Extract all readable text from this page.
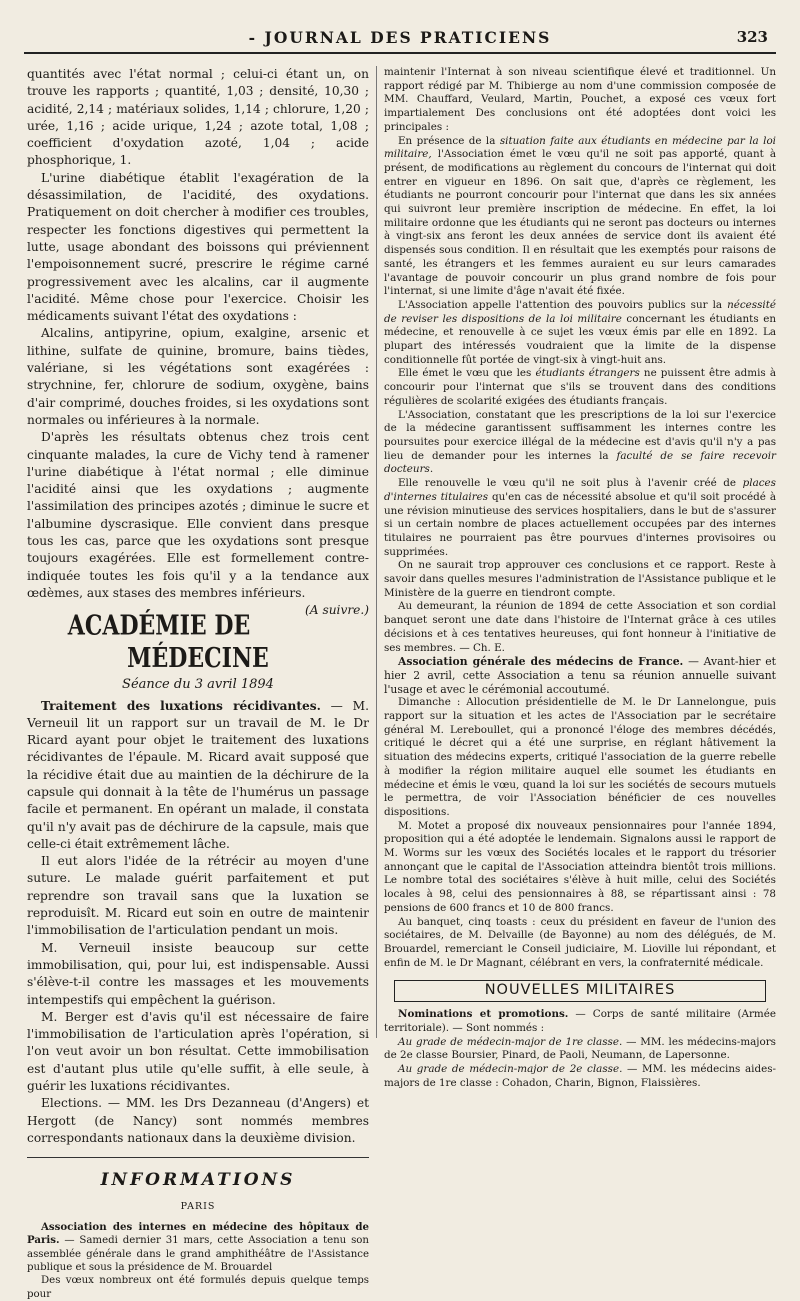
- JOURNAL DES PRATICIENS	323

quantités avec l'état normal ; celui-ci étant un, on trouve les rapports ; quantité, 1,03 ; densité, 10,30 ; acidité, 2,14 ; matériaux solides, 1,14 ; chlorure, 1,20 ; urée, 1,16 ; acide urique, 1,24 ; azote total, 1,08 ; coefficient d'oxydation azoté, 1,04 ; acide phosphorique, 1.

L'urine diabétique établit l'exagération de la désassimilation, de l'acidité, des oxydations. Pratiquement on doit chercher à modifier ces troubles, respecter les fonctions digestives qui permettent la lutte, usage abondant des boissons qui préviennent l'empoisonnement sucré, prescrire le régime carné progressivement avec les alcalins, car il augmente l'acidité. Même chose pour l'exercice. Choisir les médicaments suivant l'état des oxydations :

Alcalins, antipyrine, opium, exalgine, arsenic et lithine, sulfate de quinine, bromure, bains tièdes, valériane, si les végétations sont exagérées : strychnine, fer, chlorure de sodium, oxygène, bains d'air comprimé, douches froides, si les oxydations sont normales ou inférieures à la normale.

D'après les résultats obtenus chez trois cent cinquante malades, la cure de Vichy tend à ramener l'urine diabétique à l'état normal ; elle diminue l'acidité ainsi que les oxydations ; augmente l'assimilation des principes azotés ; diminue le sucre et l'albumine dyscrasique. Elle convient dans presque tous les cas, parce que les oxydations sont presque toujours exagérées. Elle est formellement contre-indiquée toutes les fois qu'il y a la tendance aux œdèmes, aux stases des membres inférieurs.
(A suivre.)

ACADÉMIE DE MÉDECINE
Séance du 3 avril 1894

Traitement des luxations récidivantes. — M. Verneuil lit un rapport sur un travail de M. le Dr Ricard ayant pour objet le traitement des luxations récidivantes de l'épaule. M. Ricard avait supposé que la récidive était due au maintien de la déchirure de la capsule qui donnait à la tête de l'humérus un passage facile et permanent. En opérant un malade, il constata qu'il n'y avait pas de déchirure de la capsule, mais que celle-ci était extrêmement lâche.

Il eut alors l'idée de la rétrécir au moyen d'une suture. Le malade guérit parfaitement et put reprendre son travail sans que la luxation se reproduisît. M. Ricard eut soin en outre de maintenir l'immobilisation de l'articulation pendant un mois.

M. Verneuil insiste beaucoup sur cette immobilisation, qui, pour lui, est indispensable. Aussi s'élève-t-il contre les massages et les mouvements intempestifs qui empêchent la guérison.

M. Berger est d'avis qu'il est nécessaire de faire l'immobilisation de l'articulation après l'opération, si l'on veut avoir un bon résultat. Cette immobilisation est d'autant plus utile qu'elle suffit, à elle seule, à guérir les luxations récidivantes.

Elections. — MM. les Drs Dezanneau (d'Angers) et Hergott (de Nancy) sont nommés membres correspondants nationaux dans la deuxième division.

INFORMATIONS
PARIS

Association des internes en médecine des hôpitaux de Paris. — Samedi dernier 31 mars, cette Association a tenu son assemblée générale dans le grand amphithéâtre de l'Assistance publique et sous la présidence de M. Brouardel

Des vœux nombreux ont été formulés depuis quelque temps pour

maintenir l'Internat à son niveau scientifique élevé et traditionnel. Un rapport rédigé par M. Thibierge au nom d'une commission composée de MM. Chauffard, Veulard, Martin, Pouchet, a exposé ces vœux fort impartialement Des conclusions ont été adoptées dont voici les principales :

En présence de la situation faite aux étudiants en médecine par la loi militaire, l'Association émet le vœu qu'il ne soit pas apporté, quant à présent, de modifications au règlement du concours de l'internat qui doit entrer en vigueur en 1896. On sait que, d'après ce règlement, les étudiants ne pourront concourir pour l'internat que dans les six années qui suivront leur première inscription de médecine. En effet, la loi militaire ordonne que les étudiants qui ne seront pas docteurs ou internes à vingt-six ans feront les deux années de service dont ils avaient été dispensés sous condition. Il en résultait que les exemptés pour raisons de santé, les étrangers et les femmes auraient eu sur leurs camarades l'avantage de pouvoir concourir un plus grand nombre de fois pour l'internat, si une limite d'âge n'avait été fixée.

L'Association appelle l'attention des pouvoirs publics sur la nécessité de reviser les dispositions de la loi militaire concernant les étudiants en médecine, et renouvelle à ce sujet les vœux émis par elle en 1892. La plupart des intéressés voudraient que la limite de la dispense conditionnelle fût portée de vingt-six à vingt-huit ans.

Elle émet le vœu que les étudiants étrangers ne puissent être admis à concourir pour l'internat que s'ils se trouvent dans des conditions régulières de scolarité exigées des étudiants français.

L'Association, constatant que les prescriptions de la loi sur l'exercice de la médecine garantissent suffisamment les internes contre les poursuites pour exercice illégal de la médecine est d'avis qu'il n'y a pas lieu de demander pour les internes la faculté de se faire recevoir docteurs.

Elle renouvelle le vœu qu'il ne soit plus à l'avenir créé de places d'internes titulaires qu'en cas de nécessité absolue et qu'il soit procédé à une révision minutieuse des services hospitaliers, dans le but de s'assurer si un certain nombre de places actuellement occupées par des internes titulaires ne pourraient pas être pourvues d'internes provisoires ou supprimées.

On ne saurait trop approuver ces conclusions et ce rapport. Reste à savoir dans quelles mesures l'administration de l'Assistance publique et le Ministère de la guerre en tiendront compte.

Au demeurant, la réunion de 1894 de cette Association et son cordial banquet seront une date dans l'histoire de l'Internat grâce à ces utiles décisions et à ces tentatives heureuses, qui font honneur à l'initiative de ses membres. — Ch. E.

Association générale des médecins de France. — Avant-hier et hier 2 avril, cette Association a tenu sa réunion annuelle suivant l'usage et avec le cérémonial accoutumé.

Dimanche : Allocution présidentielle de M. le Dr Lannelongue, puis rapport sur la situation et les actes de l'Association par le secrétaire général M. Lereboullet, qui a prononcé l'éloge des membres décédés, critiqué le décret qui a été une surprise, en réglant hâtivement la situation des médecins experts, critiqué l'association de la guerre rebelle à modifier la région militaire auquel elle soumet les étudiants en médecine et émis le vœu, quand la loi sur les sociétés de secours mutuels le permettra, de voir l'Association bénéficier de ces nouvelles dispositions.

M. Motet a proposé dix nouveaux pensionnaires pour l'année 1894, proposition qui a été adoptée le lendemain. Signalons aussi le rapport de M. Worms sur les vœux des Sociétés locales et le rapport du trésorier annonçant que le capital de l'Association atteindra bientôt trois millions. Le nombre total des sociétaires s'élève à huit mille, celui des Sociétés locales à 98, celui des pensionnaires à 88, se répartissant ainsi : 78 pensions de 600 francs et 10 de 800 francs.

Au banquet, cinq toasts : ceux du président en faveur de l'union des sociétaires, de M. Delvaille (de Bayonne) au nom des délégués, de M. Brouardel, remerciant le Conseil judiciaire, M. Lioville lui répondant, et enfin de M. le Dr Magnant, célébrant en vers, la confraternité médicale.

NOUVELLES MILITAIRES

Nominations et promotions. — Corps de santé militaire (Armée territoriale). — Sont nommés :

Au grade de médecin-major de 1re classe. — MM. les médecins-majors de 2e classe Boursier, Pinard, de Paoli, Neumann, de Lapersonne.

Au grade de médecin-major de 2e classe. — MM. les médecins aides-majors de 1re classe : Cohadon, Charin, Bignon, Flaissières.
